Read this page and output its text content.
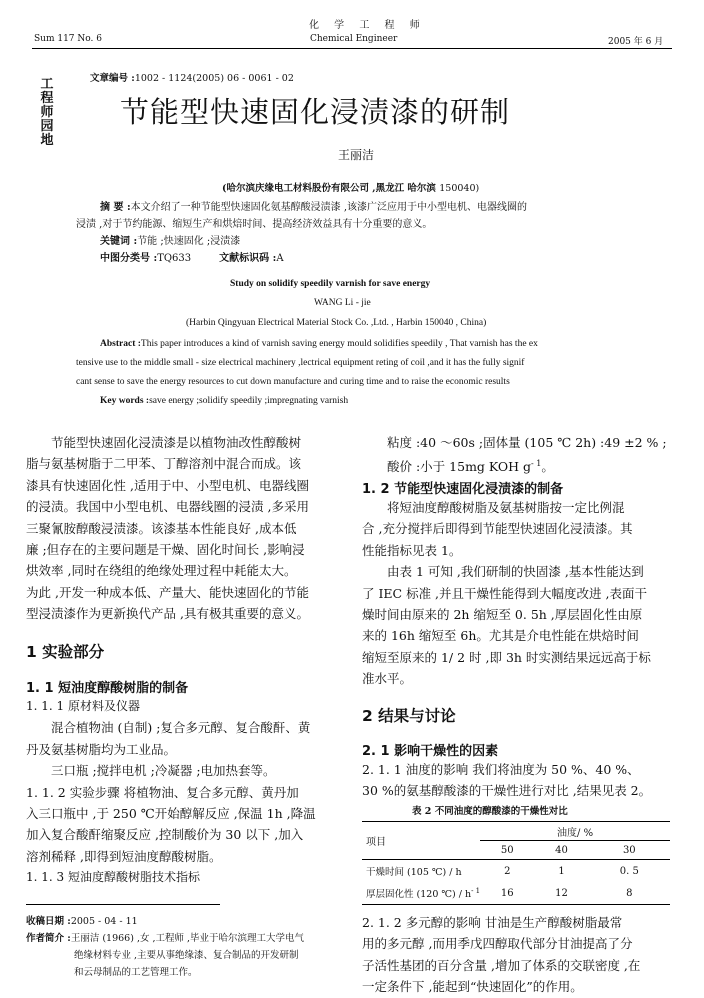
化 学 工 程 师
Sum 117 No. 6	Chemical Engineer	2005 年 6 月
工
程
师
园
地
文章编号 :1002 - 1124(2005) 06 - 0061 - 02
节能型快速固化浸渍漆的研制
王丽洁
(哈尔滨庆缘电工材料股份有限公司 ,黑龙江 哈尔滨 150040)
摘 要 :本文介绍了一种节能型快速固化氨基醇酸浸渍漆 ,该漆广泛应用于中小型电机、电器线圈的
浸渍 ,对于节约能源、缩短生产和烘焙时间、提高经济效益具有十分重要的意义。
关键词 :节能 ;快速固化 ;浸渍漆
中图分类号 :TQ633	文献标识码 :A
Study on solidify speedily varnish for save energy
WANG Li - jie
(Harbin Qingyuan Electrical Material Stock Co. ,Ltd. , Harbin 150040 , China)
Abstract :This paper introduces a kind of varnish saving energy mould solidifies speedily , That varnish has the ex
tensive use to the middle small - size electrical machinery ,lectrical equipment reting of coil ,and it has the fully signif
cant sense to save the energy resources to cut down manufacture and curing time and to raise the economic results
Key words :save energy ;solidify speedily ;impregnating varnish
节能型快速固化浸渍漆是以植物油改性醇酸树
脂与氨基树脂于二甲苯、丁醇溶剂中混合而成。该
漆具有快速固化性 ,适用于中、小型电机、电器线圈
的浸渍。我国中小型电机、电器线圈的浸渍 ,多采用
三聚氰胺醇酸浸渍漆。该漆基本性能良好 ,成本低
廉 ;但存在的主要问题是干燥、固化时间长 ,影响浸
烘效率 ,同时在绕组的绝缘处理过程中耗能太大。
为此 ,开发一种成本低、产量大、能快速固化的节能
型浸渍漆作为更新换代产品 ,具有极其重要的意义。
1 实验部分
1. 1 短油度醇酸树脂的制备
1. 1. 1 原材料及仪器
混合植物油 (自制) ;复合多元醇、复合酸酐、黄
丹及氨基树脂均为工业品。
三口瓶 ;搅拌电机 ;冷凝器 ;电加热套等。
1. 1. 2 实验步骤 将植物油、复合多元醇、黄丹加
入三口瓶中 ,于 250 ℃开始醇解反应 ,保温 1h ,降温
加入复合酸酐缩聚反应 ,控制酸价为 30 以下 ,加入
溶剂稀释 ,即得到短油度醇酸树脂。
1. 1. 3 短油度醇酸树脂技术指标
收稿日期 :2005 - 04 - 11
作者简介 :王丽洁 (1966) ,女 ,工程师 ,毕业于哈尔滨理工大学电气
绝缘材料专业 ,主要从事绝缘漆、复合制品的开发研制
和云母制品的工艺管理工作。
粘度 :40 ～60s ;固体量 (105 ℃ 2h) :49 ±2 % ;
酸价 :小于 15mg KOH $g^{- 1}$。
1. 2 节能型快速固化浸渍漆的制备
将短油度醇酸树脂及氨基树脂按一定比例混
合 ,充分搅拌后即得到节能型快速固化浸渍漆。其
性能指标见表 1。
由表 1 可知 ,我们研制的快固漆 ,基本性能达到
了 IEC 标准 ,并且干燥性能得到大幅度改进 ,表面干
燥时间由原来的 2h 缩短至 0. 5h ,厚层固化性由原
来的 16h 缩短至 6h。尤其是介电性能在烘焙时间
缩短至原来的 1/ 2 时 ,即 3h 时实测结果远远高于标
准水平。
2 结果与讨论
2. 1 影响干燥性的因素
2. 1. 1 油度的影响 我们将油度为 50 %、40 %、
30 %的氨基醇酸漆的干燥性进行对比 ,结果见表 2。
表 2 不同油度的醇酸漆的干燥性对比
项目	油度/ %		
	50	40	30

干燥时间 (105 ℃) / h	2	1	0. 5
厚层固化性 (120 ℃) / $h^{- 1}$	16	12	8
2. 1. 2 多元醇的影响 甘油是生产醇酸树脂最常
用的多元醇 ,而用季戊四醇取代部分甘油提高了分
子活性基团的百分含量 ,增加了体系的交联密度 ,在
一定条件下 ,能起到“快速固化”的作用。
